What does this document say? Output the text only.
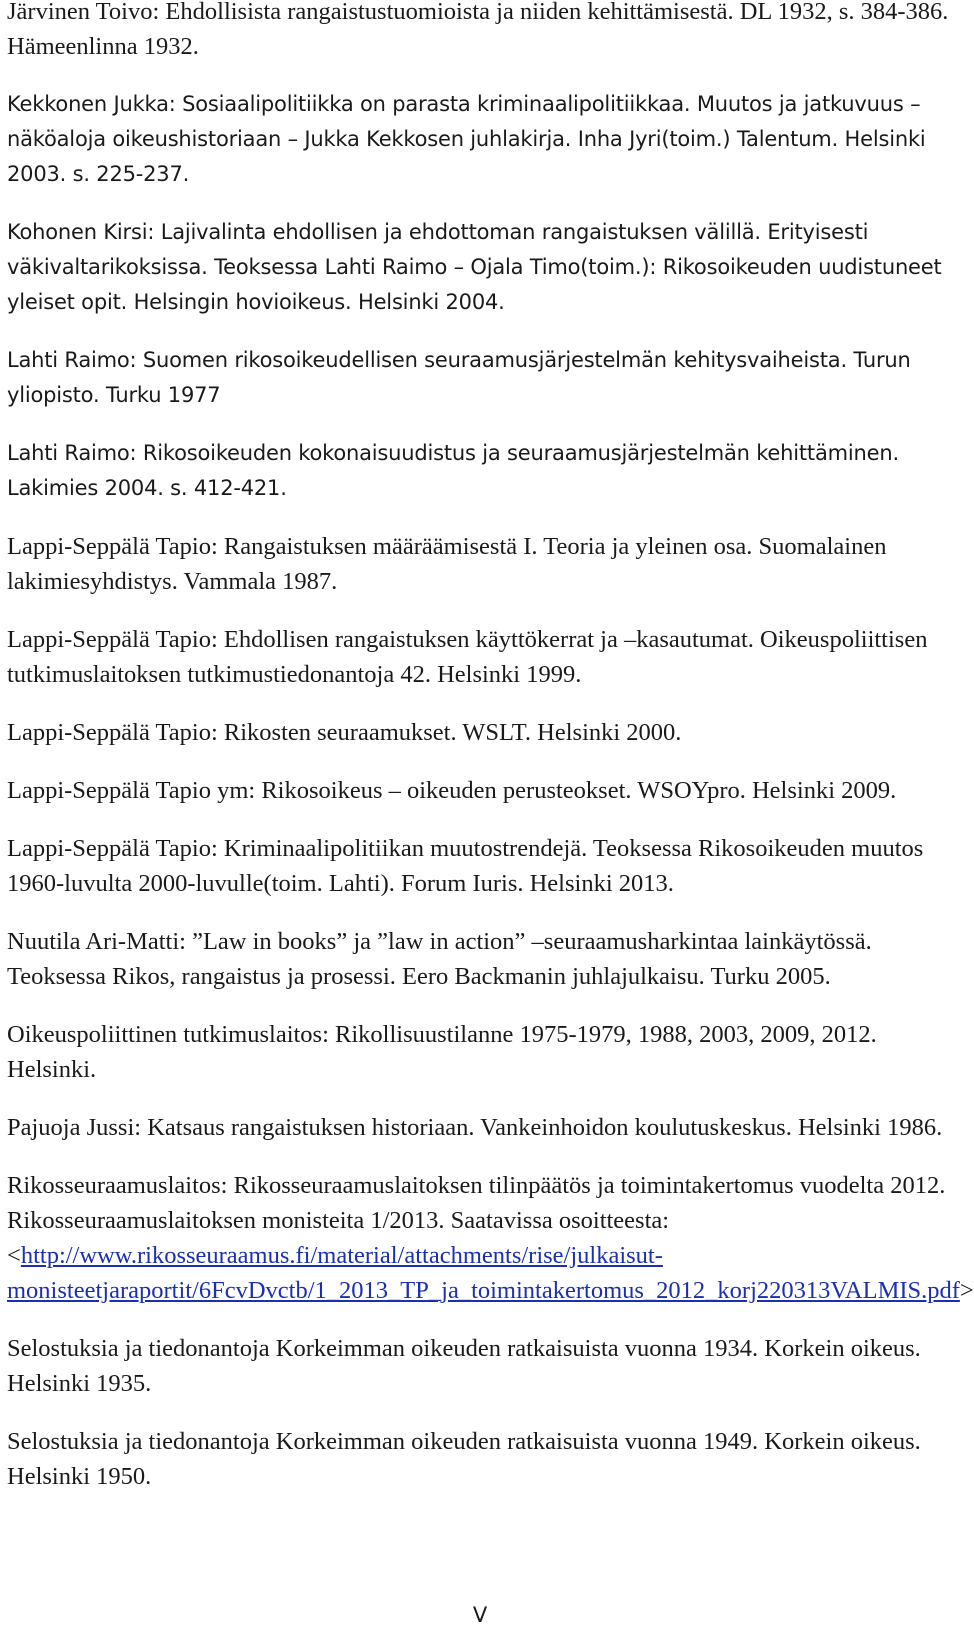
Järvinen Toivo: Ehdollisista rangaistustuomioista ja niiden kehittämisestä. DL 1932, s. 384-386. Hämeenlinna 1932.

Kekkonen Jukka: Sosiaalipolitiikka on parasta kriminaalipolitiikkaa. Muutos ja jatkuvuus – näköaloja oikeushistoriaan – Jukka Kekkosen juhlakirja. Inha Jyri(toim.) Talentum. Helsinki 2003. s. 225-237.

Kohonen Kirsi: Lajivalinta ehdollisen ja ehdottoman rangaistuksen välillä. Erityisesti väkivaltarikoksissa. Teoksessa Lahti Raimo – Ojala Timo(toim.): Rikosoikeuden uudistuneet yleiset opit. Helsingin hovioikeus. Helsinki 2004.

Lahti Raimo: Suomen rikosoikeudellisen seuraamusjärjestelmän kehitysvaiheista. Turun yliopisto. Turku 1977

Lahti Raimo: Rikosoikeuden kokonaisuudistus ja seuraamusjärjestelmän kehittäminen. Lakimies 2004. s. 412-421.

Lappi-Seppälä Tapio: Rangaistuksen määräämisestä I. Teoria ja yleinen osa. Suomalainen lakimiesyhdistys. Vammala 1987.

Lappi-Seppälä Tapio: Ehdollisen rangaistuksen käyttökerrat ja –kasautumat. Oikeuspoliittisen tutkimuslaitoksen tutkimustiedonantoja 42. Helsinki 1999.

Lappi-Seppälä Tapio: Rikosten seuraamukset. WSLT. Helsinki 2000.

Lappi-Seppälä Tapio ym: Rikosoikeus – oikeuden perusteokset. WSOYpro. Helsinki 2009.

Lappi-Seppälä Tapio: Kriminaalipolitiikan muutostrendejä. Teoksessa Rikosoikeuden muutos 1960-luvulta 2000-luvulle(toim. Lahti). Forum Iuris. Helsinki 2013.

Nuutila Ari-Matti: ”Law in books” ja ”law in action” –seuraamusharkintaa lainkäytössä. Teoksessa Rikos, rangaistus ja prosessi. Eero Backmanin juhlajulkaisu. Turku 2005.

Oikeuspoliittinen tutkimuslaitos: Rikollisuustilanne 1975-1979, 1988, 2003, 2009, 2012. Helsinki.

Pajuoja Jussi: Katsaus rangaistuksen historiaan. Vankeinhoidon koulutuskeskus. Helsinki 1986.

Rikosseuraamuslaitos: Rikosseuraamuslaitoksen tilinpäätös ja toimintakertomus vuodelta 2012. Rikosseuraamuslaitoksen monisteita 1/2013. Saatavissa osoitteesta: <http://www.rikosseuraamus.fi/material/attachments/rise/julkaisut-monisteetjaraportit/6FcvDvctb/1_2013_TP_ja_toimintakertomus_2012_korj220313VALMIS.pdf>

Selostuksia ja tiedonantoja Korkeimman oikeuden ratkaisuista vuonna 1934. Korkein oikeus. Helsinki 1935.

Selostuksia ja tiedonantoja Korkeimman oikeuden ratkaisuista vuonna 1949. Korkein oikeus. Helsinki 1950.

V
